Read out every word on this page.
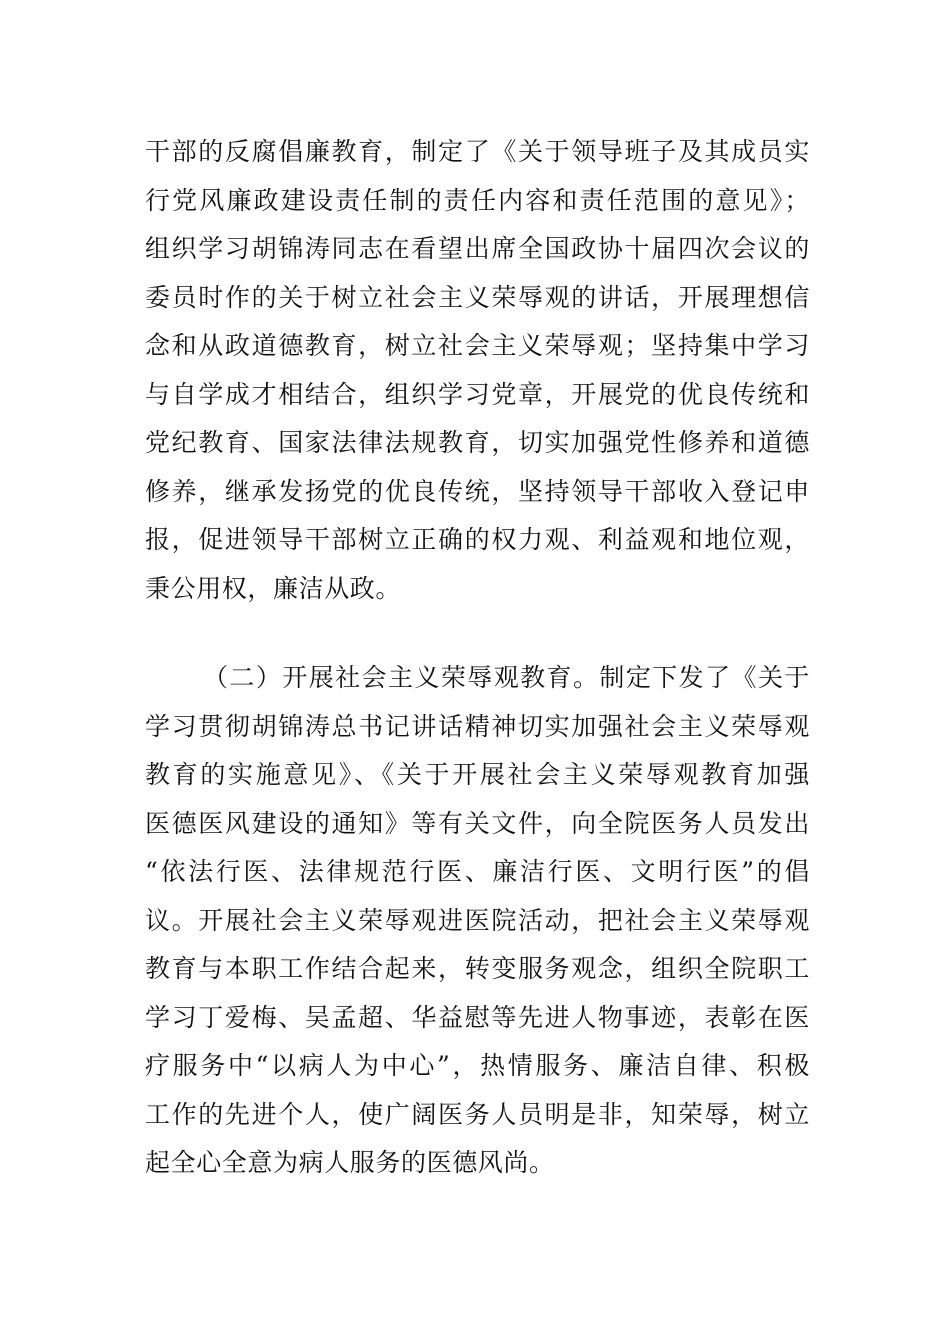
干部的反腐倡廉教育，制定了《关于领导班子及其成员实
行党风廉政建设责任制的责任内容和责任范围的意见》；
组织学习胡锦涛同志在看望出席全国政协十届四次会议的
委员时作的关于树立社会主义荣辱观的讲话，开展理想信
念和从政道德教育，树立社会主义荣辱观；坚持集中学习
与自学成才相结合，组织学习党章，开展党的优良传统和
党纪教育、国家法律法规教育，切实加强党性修养和道德
修养，继承发扬党的优良传统，坚持领导干部收入登记申
报，促进领导干部树立正确的权力观、利益观和地位观，
秉公用权，廉洁从政。
（二）开展社会主义荣辱观教育。制定下发了《关于
学习贯彻胡锦涛总书记讲话精神切实加强社会主义荣辱观
教育的实施意见》、《关于开展社会主义荣辱观教育加强
医德医风建设的通知》等有关文件，向全院医务人员发出
“依法行医、法律规范行医、廉洁行医、文明行医”的倡
议。开展社会主义荣辱观进医院活动，把社会主义荣辱观
教育与本职工作结合起来，转变服务观念，组织全院职工
学习丁爱梅、吴孟超、华益慰等先进人物事迹，表彰在医
疗服务中“以病人为中心”，热情服务、廉洁自律、积极
工作的先进个人，使广阔医务人员明是非，知荣辱，树立
起全心全意为病人服务的医德风尚。
